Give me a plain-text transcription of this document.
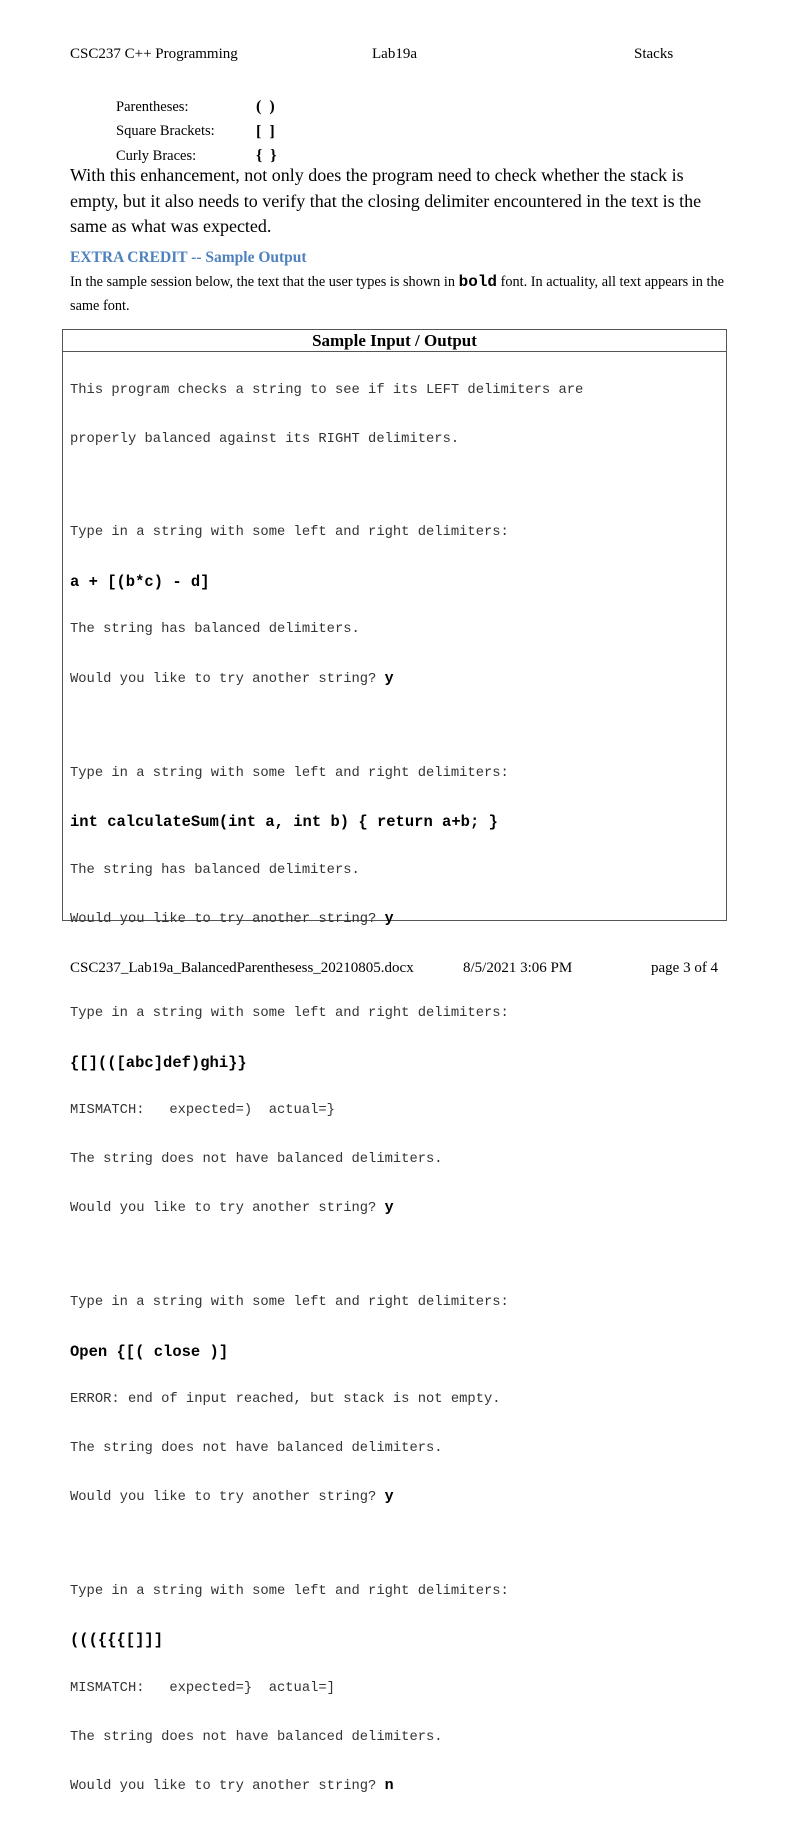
CSC237 C++ Programming	Lab19a	Stacks
Parentheses:	( )
Square Brackets:	[ ]
Curly Braces:	{ }
With this enhancement, not only does the program need to check whether the stack is empty, but it also needs to verify that the closing delimiter encountered in the text is the same as what was expected.
EXTRA CREDIT -- Sample Output
In the sample session below, the text that the user types is shown in bold font. In actuality, all text appears in the same font.
Sample Input / Output

This program checks a string to see if its LEFT delimiters are

properly balanced against its RIGHT delimiters.

Type in a string with some left and right delimiters:

a + [(b*c) - d]

The string has balanced delimiters.

Would you like to try another string? y

Type in a string with some left and right delimiters:

int calculateSum(int a, int b) { return a+b; }

The string has balanced delimiters.

Would you like to try another string? y

Type in a string with some left and right delimiters:

{[](([abc]def)ghi}}

MISMATCH:   expected=)  actual=}

The string does not have balanced delimiters.

Would you like to try another string? y

Type in a string with some left and right delimiters:

Open {[( close )]

ERROR: end of input reached, but stack is not empty.

The string does not have balanced delimiters.

Would you like to try another string? y

Type in a string with some left and right delimiters:

((({{{[]]]

MISMATCH:   expected=}  actual=]

The string does not have balanced delimiters.

Would you like to try another string? n

CSC237_Lab19a_BalancedParenthesess_20210805.docx	8/5/2021 3:06 PM	page 3 of 4
